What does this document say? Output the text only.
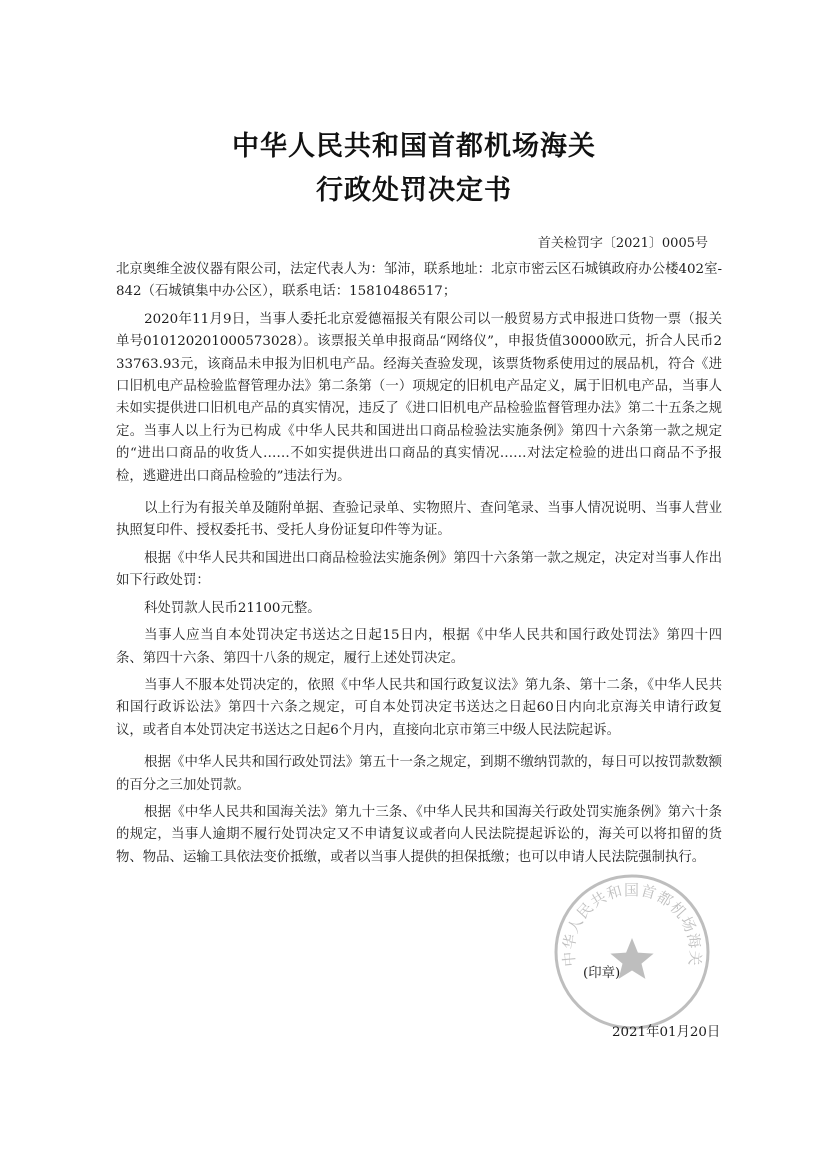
中华人民共和国首都机场海关
行政处罚决定书
首关检罚字〔2021〕0005号

北京奥维全波仪器有限公司，法定代表人为：邹沛，联系地址：北京市密云区石城镇政府办公楼402室-842（石城镇集中办公区），联系电话：15810486517；

2020年11月9日，当事人委托北京爱德福报关有限公司以一般贸易方式申报进口货物一票（报关单号010120201000573028）。该票报关单申报商品“网络仪”，申报货值30000欧元，折合人民币233763.93元，该商品未申报为旧机电产品。经海关查验发现，该票货物系使用过的展品机，符合《进口旧机电产品检验监督管理办法》第二条第（一）项规定的旧机电产品定义，属于旧机电产品，当事人未如实提供进口旧机电产品的真实情况，违反了《进口旧机电产品检验监督管理办法》第二十五条之规定。当事人以上行为已构成《中华人民共和国进出口商品检验法实施条例》第四十六条第一款之规定的“进出口商品的收货人……不如实提供进出口商品的真实情况……对法定检验的进出口商品不予报检，逃避进出口商品检验的”违法行为。

以上行为有报关单及随附单据、查验记录单、实物照片、查问笔录、当事人情况说明、当事人营业执照复印件、授权委托书、受托人身份证复印件等为证。

根据《中华人民共和国进出口商品检验法实施条例》第四十六条第一款之规定，决定对当事人作出如下行政处罚：

科处罚款人民币21100元整。

当事人应当自本处罚决定书送达之日起15日内，根据《中华人民共和国行政处罚法》第四十四条、第四十六条、第四十八条的规定，履行上述处罚决定。

当事人不服本处罚决定的，依照《中华人民共和国行政复议法》第九条、第十二条，《中华人民共和国行政诉讼法》第四十六条之规定，可自本处罚决定书送达之日起60日内向北京海关申请行政复议，或者自本处罚决定书送达之日起6个月内，直接向北京市第三中级人民法院起诉。

根据《中华人民共和国行政处罚法》第五十一条之规定，到期不缴纳罚款的，每日可以按罚款数额的百分之三加处罚款。

根据《中华人民共和国海关法》第九十三条、《中华人民共和国海关行政处罚实施条例》第六十条的规定，当事人逾期不履行处罚决定又不申请复议或者向人民法院提起诉讼的，海关可以将扣留的货物、物品、运输工具依法变价抵缴，或者以当事人提供的担保抵缴；也可以申请人民法院强制执行。

中华人民共和国首都机场海关
(印章)
2021年01月20日
